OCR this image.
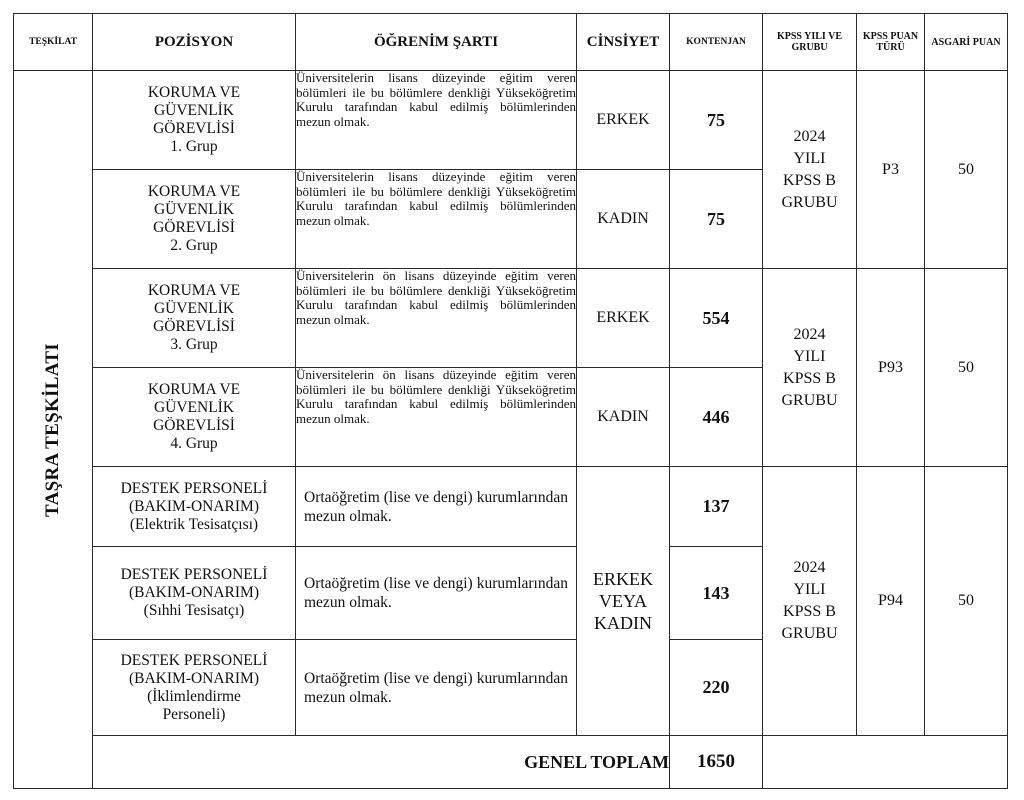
TEŞKİLAT	POZİSYON	ÖĞRENİM ŞARTI	CİNSİYET	KONTENJAN	KPSS YILI VE GRUBU	KPSS PUAN TÜRÜ	ASGARİ PUAN

TAŞRA TEŞKİLATI	KORUMA VE
GÜVENLİK
GÖREVLİSİ
1. Grup	Üniversitelerin lisans düzeyinde eğitim veren bölümleri ile bu bölümlere denkliği Yükseköğretim Kurulu tarafından kabul edilmiş bölümlerinden mezun olmak.	ERKEK	75	2024
YILI
KPSS B
GRUBU	P3	50
	KORUMA VE
GÜVENLİK
GÖREVLİSİ
2. Grup	Üniversitelerin lisans düzeyinde eğitim veren bölümleri ile bu bölümlere denkliği Yükseköğretim Kurulu tarafından kabul edilmiş bölümlerinden mezun olmak.	KADIN	75			
	KORUMA VE
GÜVENLİK
GÖREVLİSİ
3. Grup	Üniversitelerin ön lisans düzeyinde eğitim veren bölümleri ile bu bölümlere denkliği Yükseköğretim Kurulu tarafından kabul edilmiş bölümlerinden mezun olmak.	ERKEK	554	2024
YILI
KPSS B
GRUBU	P93	50
	KORUMA VE
GÜVENLİK
GÖREVLİSİ
4. Grup	Üniversitelerin ön lisans düzeyinde eğitim veren bölümleri ile bu bölümlere denkliği Yükseköğretim Kurulu tarafından kabul edilmiş bölümlerinden mezun olmak.	KADIN	446			
	DESTEK PERSONELİ
(BAKIM-ONARIM)
(Elektrik Tesisatçısı)	Ortaöğretim (lise ve dengi) kurumlarından mezun olmak.	ERKEK
VEYA
KADIN	137	2024
YILI
KPSS B
GRUBU	P94	50
	DESTEK PERSONELİ
(BAKIM-ONARIM)
(Sıhhi Tesisatçı)	Ortaöğretim (lise ve dengi) kurumlarından mezun olmak.		143			
	DESTEK PERSONELİ
(BAKIM-ONARIM)
(İklimlendirme
Personeli)	Ortaöğretim (lise ve dengi) kurumlarından mezun olmak.		220			
	GENEL TOPLAM			1650			
